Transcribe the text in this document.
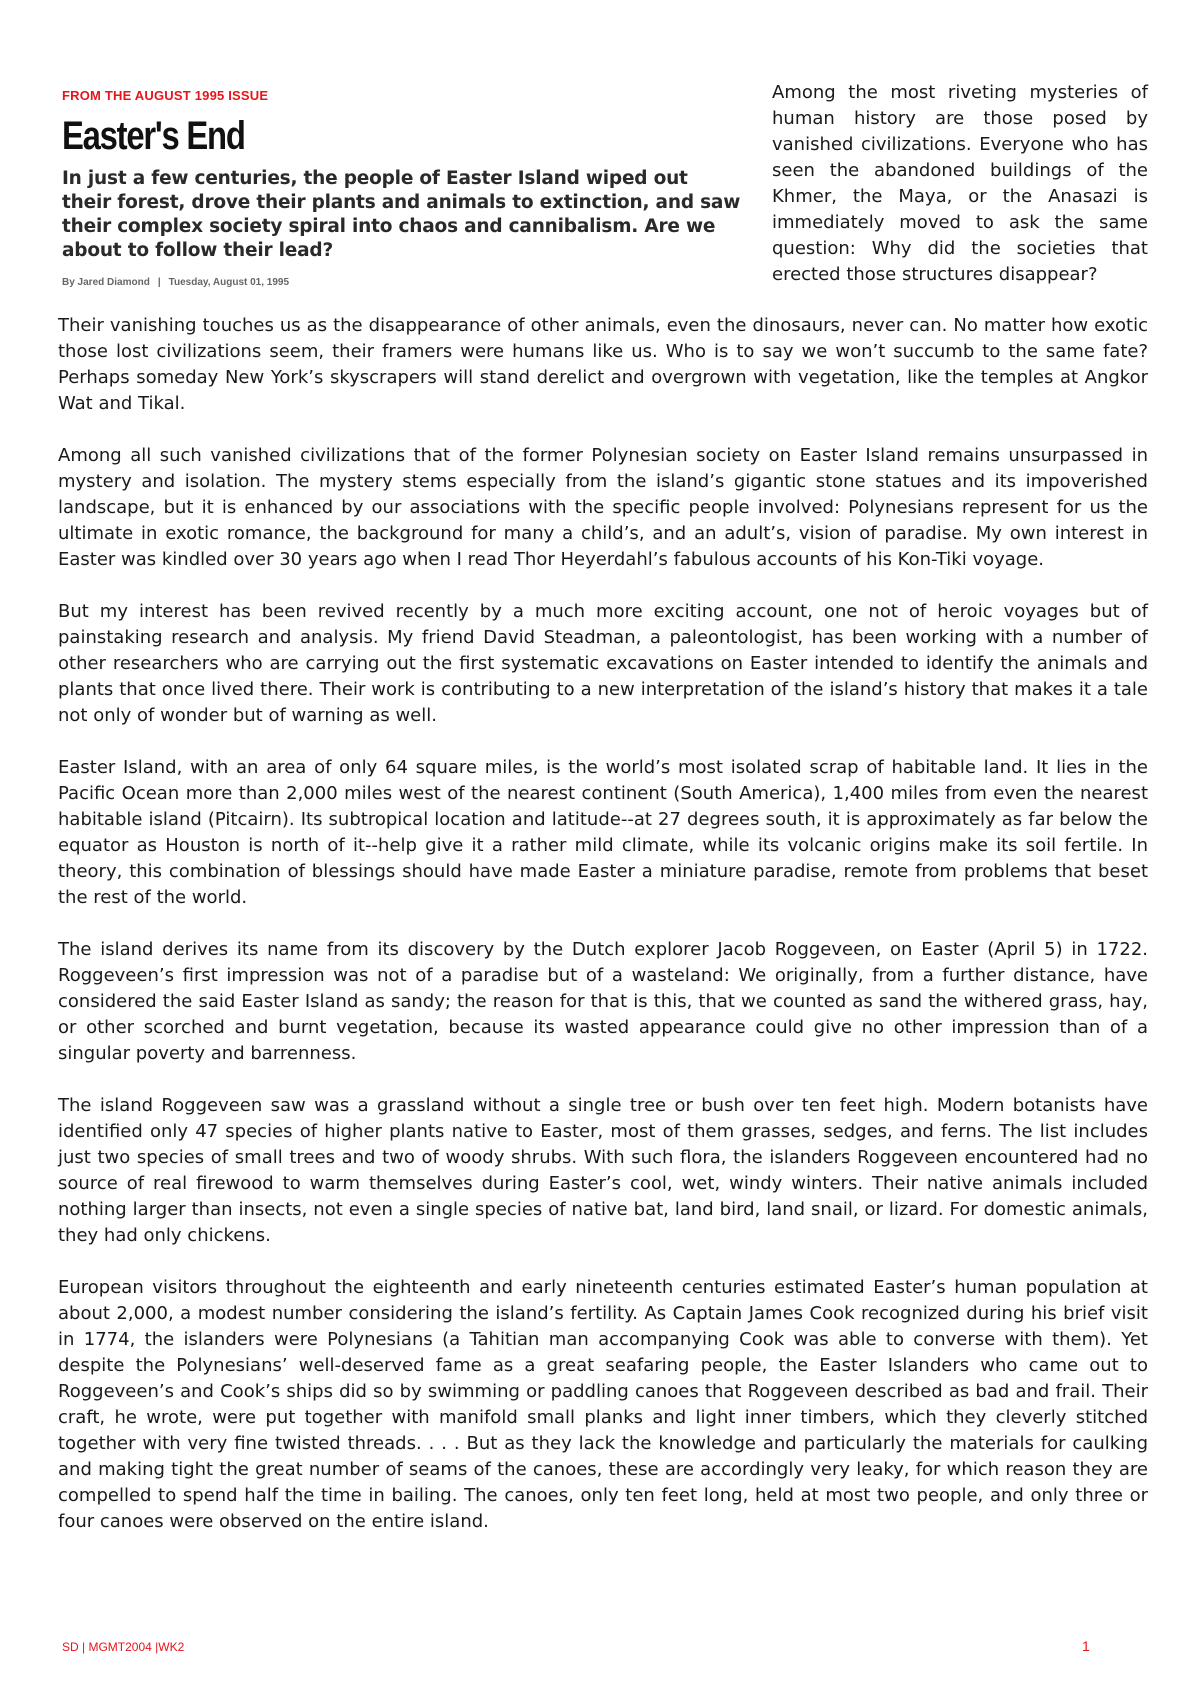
FROM THE AUGUST 1995 ISSUE
Easter's End
In just a few centuries, the people of Easter Island wiped out their forest, drove their plants and animals to extinction, and saw their complex society spiral into chaos and cannibalism. Are we about to follow their lead?
By Jared Diamond | Tuesday, August 01, 1995
Among the most riveting mysteries of human history are those posed by vanished civilizations. Everyone who has seen the abandoned buildings of the Khmer, the Maya, or the Anasazi is immediately moved to ask the same question: Why did the societies that erected those structures disappear?

Their vanishing touches us as the disappearance of other animals, even the dinosaurs, never can. No matter how exotic those lost civilizations seem, their framers were humans like us. Who is to say we won’t succumb to the same fate? Perhaps someday New York’s skyscrapers will stand derelict and overgrown with vegetation, like the temples at Angkor Wat and Tikal.

Among all such vanished civilizations that of the former Polynesian society on Easter Island remains unsurpassed in mystery and isolation. The mystery stems especially from the island’s gigantic stone statues and its impoverished landscape, but it is enhanced by our associations with the specific people involved: Polynesians represent for us the ultimate in exotic romance, the background for many a child’s, and an adult’s, vision of paradise. My own interest in Easter was kindled over 30 years ago when I read Thor Heyerdahl’s fabulous accounts of his Kon-Tiki voyage.

But my interest has been revived recently by a much more exciting account, one not of heroic voyages but of painstaking research and analysis. My friend David Steadman, a paleontologist, has been working with a number of other researchers who are carrying out the first systematic excavations on Easter intended to identify the animals and plants that once lived there. Their work is contributing to a new interpretation of the island’s history that makes it a tale not only of wonder but of warning as well.

Easter Island, with an area of only 64 square miles, is the world’s most isolated scrap of habitable land. It lies in the Pacific Ocean more than 2,000 miles west of the nearest continent (South America), 1,400 miles from even the nearest habitable island (Pitcairn). Its subtropical location and latitude--at 27 degrees south, it is approximately as far below the equator as Houston is north of it--help give it a rather mild climate, while its volcanic origins make its soil fertile. In theory, this combination of blessings should have made Easter a miniature paradise, remote from problems that beset the rest of the world.

The island derives its name from its discovery by the Dutch explorer Jacob Roggeveen, on Easter (April 5) in 1722. Roggeveen’s first impression was not of a paradise but of a wasteland: We originally, from a further distance, have considered the said Easter Island as sandy; the reason for that is this, that we counted as sand the withered grass, hay, or other scorched and burnt vegetation, because its wasted appearance could give no other impression than of a singular poverty and barrenness.

The island Roggeveen saw was a grassland without a single tree or bush over ten feet high. Modern botanists have identified only 47 species of higher plants native to Easter, most of them grasses, sedges, and ferns. The list includes just two species of small trees and two of woody shrubs. With such flora, the islanders Roggeveen encountered had no source of real firewood to warm themselves during Easter’s cool, wet, windy winters. Their native animals included nothing larger than insects, not even a single species of native bat, land bird, land snail, or lizard. For domestic animals, they had only chickens.

European visitors throughout the eighteenth and early nineteenth centuries estimated Easter’s human population at about 2,000, a modest number considering the island’s fertility. As Captain James Cook recognized during his brief visit in 1774, the islanders were Polynesians (a Tahitian man accompanying Cook was able to converse with them). Yet despite the Polynesians’ well-deserved fame as a great seafaring people, the Easter Islanders who came out to Roggeveen’s and Cook’s ships did so by swimming or paddling canoes that Roggeveen described as bad and frail. Their craft, he wrote, were put together with manifold small planks and light inner timbers, which they cleverly stitched together with very fine twisted threads. . . . But as they lack the knowledge and particularly the materials for caulking and making tight the great number of seams of the canoes, these are accordingly very leaky, for which reason they are compelled to spend half the time in bailing. The canoes, only ten feet long, held at most two people, and only three or four canoes were observed on the entire island.

SD | MGMT2004 |WK2	1
